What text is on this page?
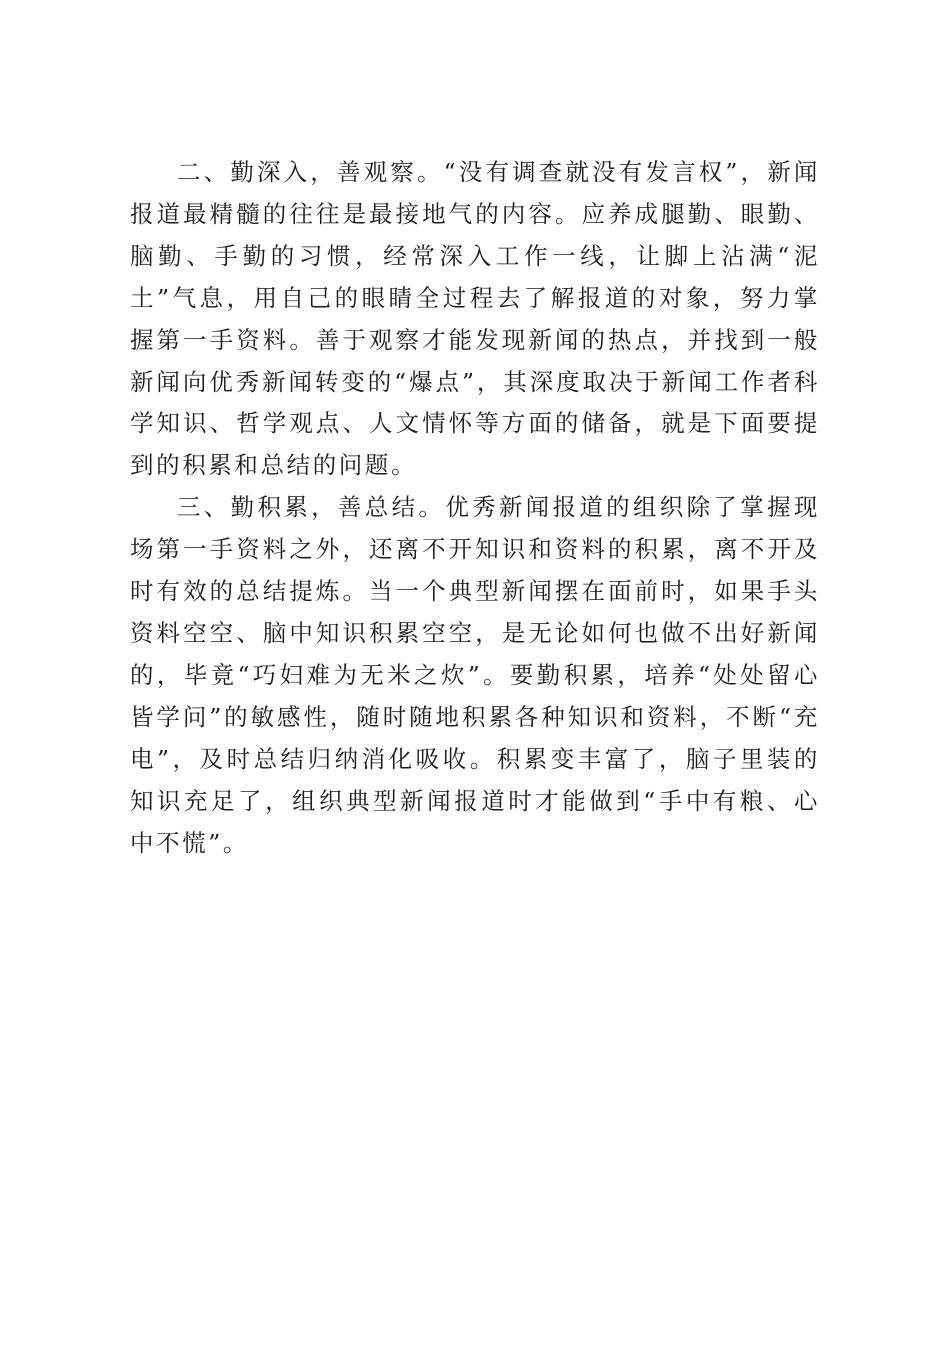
二、勤深入，善观察。“没有调查就没有发言权”，新闻报道最精髓的往往是最接地气的内容。应养成腿勤、眼勤、脑勤、手勤的习惯，经常深入工作一线，让脚上沾满“泥土”气息，用自己的眼睛全过程去了解报道的对象，努力掌握第一手资料。善于观察才能发现新闻的热点，并找到一般新闻向优秀新闻转变的“爆点”，其深度取决于新闻工作者科学知识、哲学观点、人文情怀等方面的储备，就是下面要提到的积累和总结的问题。

三、勤积累，善总结。优秀新闻报道的组织除了掌握现场第一手资料之外，还离不开知识和资料的积累，离不开及时有效的总结提炼。当一个典型新闻摆在面前时，如果手头资料空空、脑中知识积累空空，是无论如何也做不出好新闻的，毕竟“巧妇难为无米之炊”。要勤积累，培养“处处留心皆学问”的敏感性，随时随地积累各种知识和资料，不断“充电”，及时总结归纳消化吸收。积累变丰富了，脑子里装的知识充足了，组织典型新闻报道时才能做到“手中有粮、心中不慌”。
